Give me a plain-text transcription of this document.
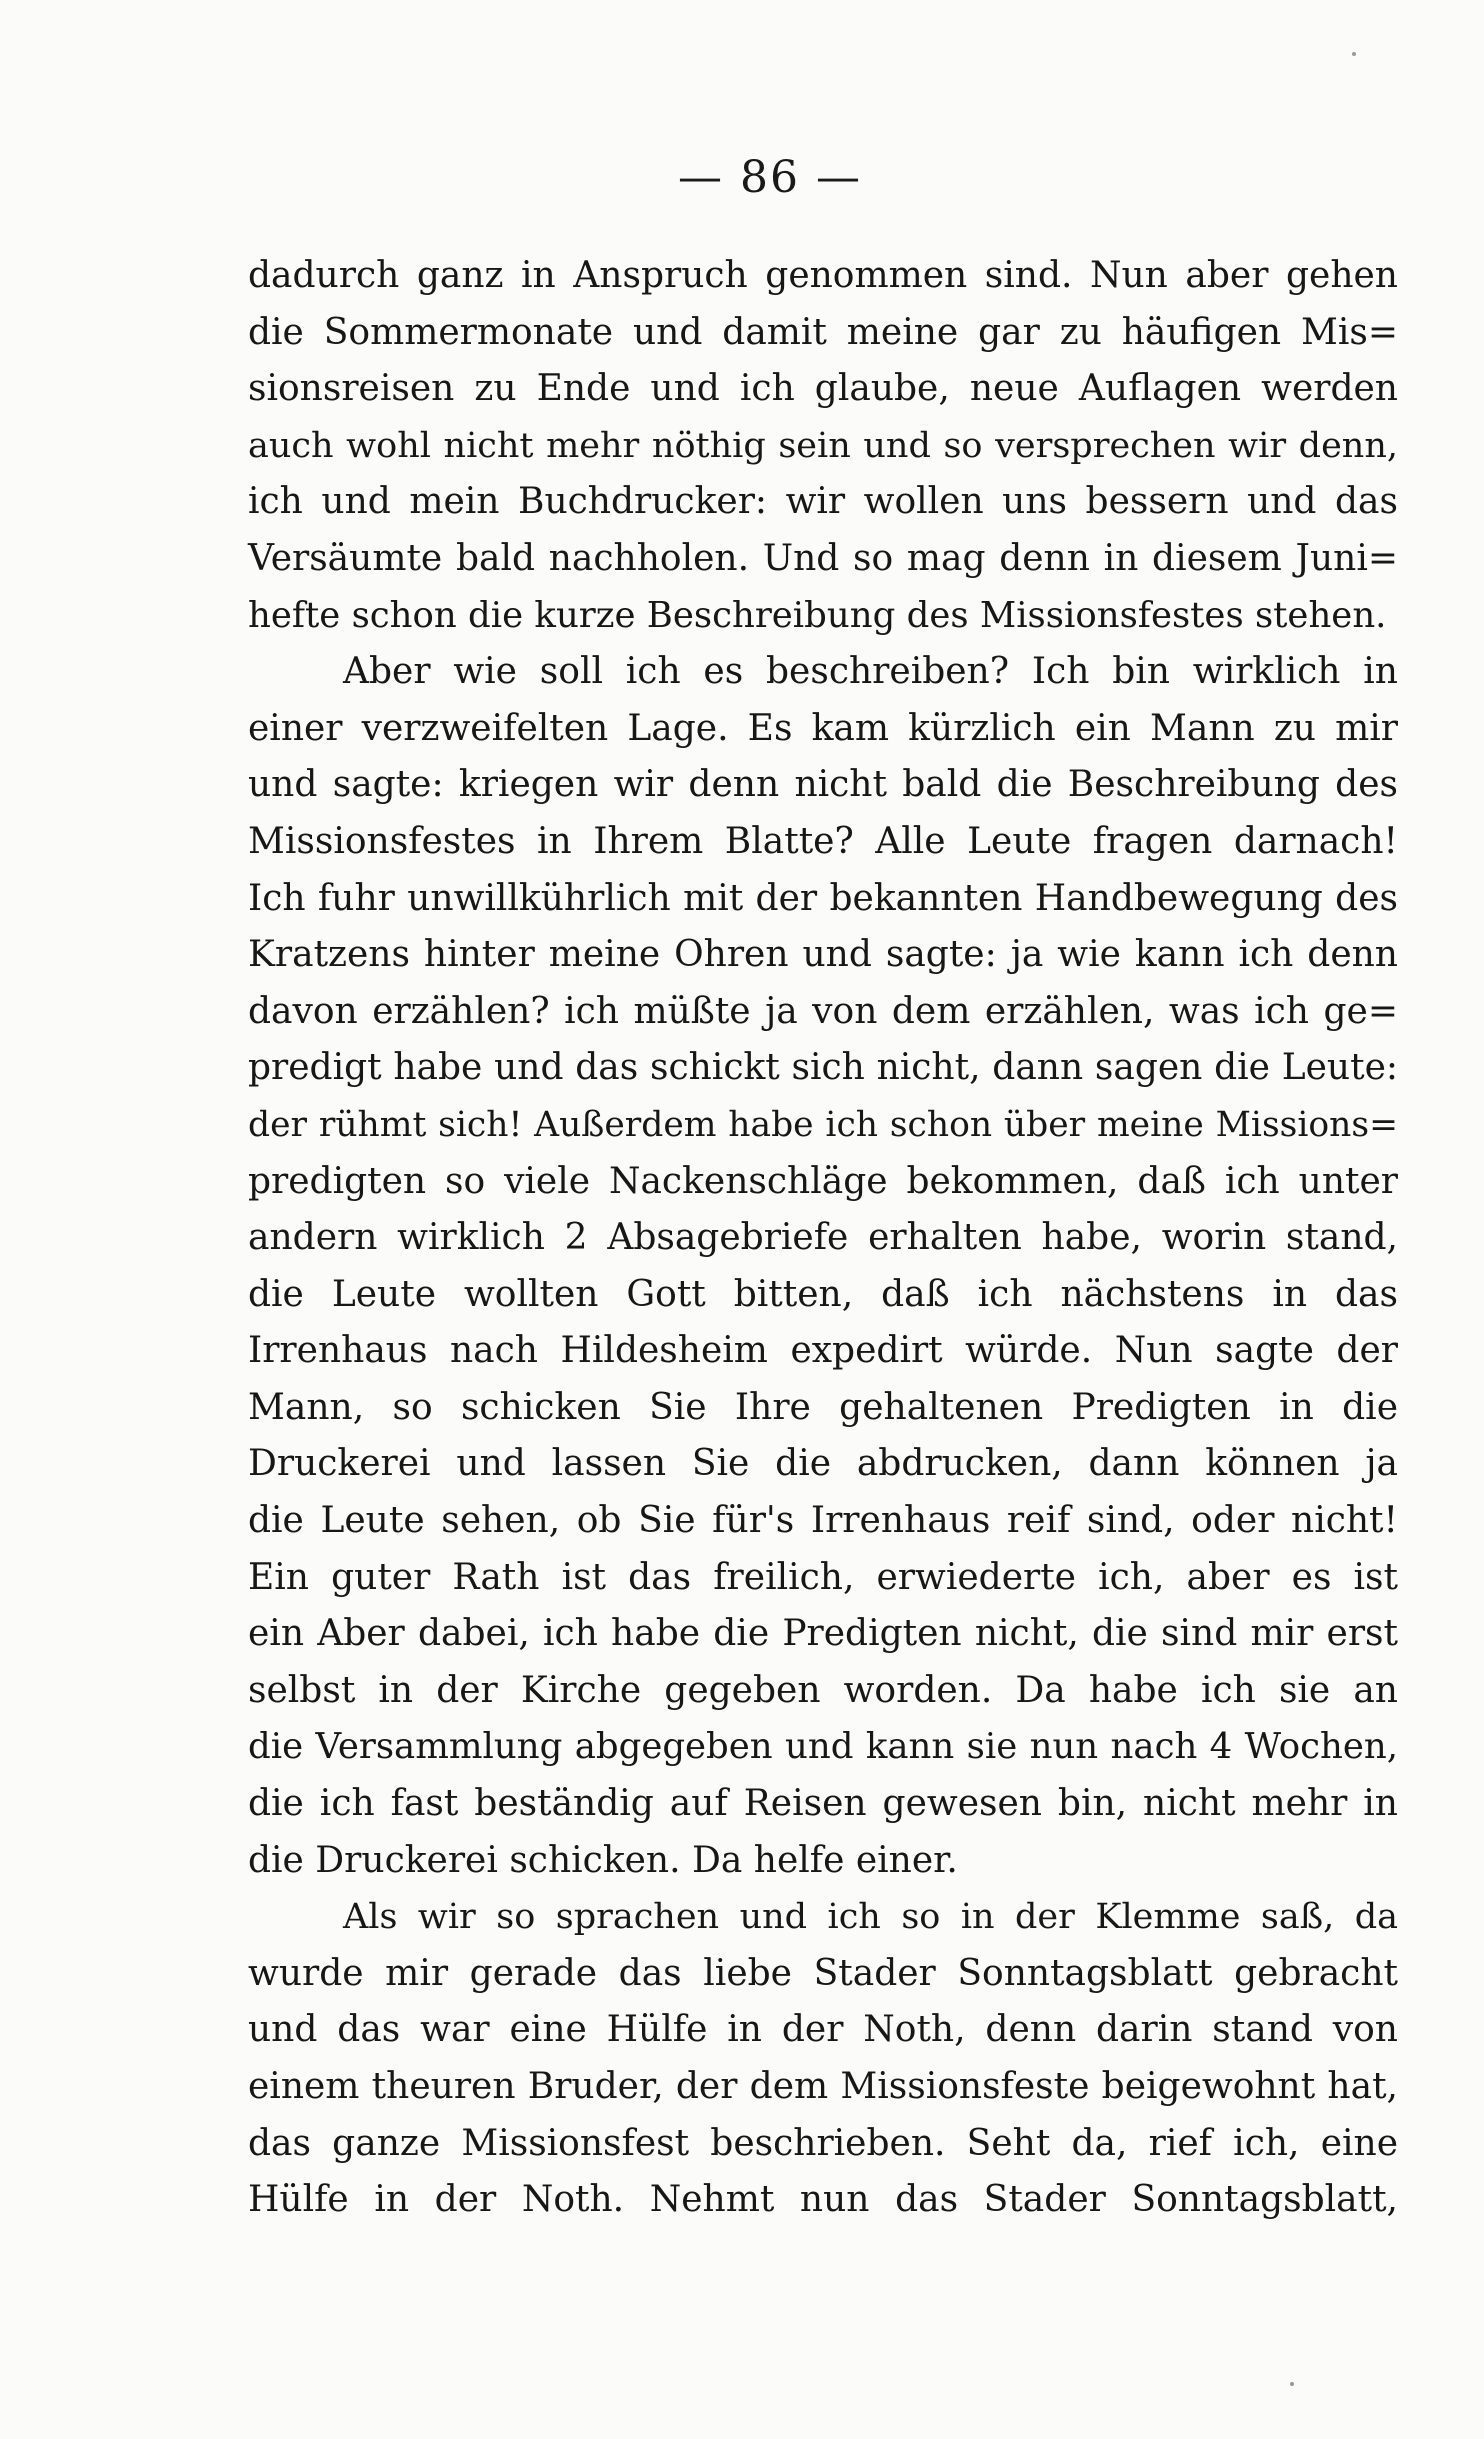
— 86 —
dadurch ganz in Anspruch genommen sind. Nun aber gehen
die Sommermonate und damit meine gar zu häufigen Mis=
sionsreisen zu Ende und ich glaube, neue Auflagen werden
auch wohl nicht mehr nöthig sein und so versprechen wir denn,
ich und mein Buchdrucker: wir wollen uns bessern und das
Versäumte bald nachholen. Und so mag denn in diesem Juni=
hefte schon die kurze Beschreibung des Missionsfestes stehen.
Aber wie soll ich es beschreiben? Ich bin wirklich in
einer verzweifelten Lage. Es kam kürzlich ein Mann zu mir
und sagte: kriegen wir denn nicht bald die Beschreibung des
Missionsfestes in Ihrem Blatte? Alle Leute fragen darnach!
Ich fuhr unwillkührlich mit der bekannten Handbewegung des
Kratzens hinter meine Ohren und sagte: ja wie kann ich denn
davon erzählen? ich müßte ja von dem erzählen, was ich ge=
predigt habe und das schickt sich nicht, dann sagen die Leute:
der rühmt sich! Außerdem habe ich schon über meine Missions=
predigten so viele Nackenschläge bekommen, daß ich unter
andern wirklich 2 Absagebriefe erhalten habe, worin stand,
die Leute wollten Gott bitten, daß ich nächstens in das
Irrenhaus nach Hildesheim expedirt würde. Nun sagte der
Mann, so schicken Sie Ihre gehaltenen Predigten in die
Druckerei und lassen Sie die abdrucken, dann können ja
die Leute sehen, ob Sie für's Irrenhaus reif sind, oder nicht!
Ein guter Rath ist das freilich, erwiederte ich, aber es ist
ein Aber dabei, ich habe die Predigten nicht, die sind mir erst
selbst in der Kirche gegeben worden. Da habe ich sie an
die Versammlung abgegeben und kann sie nun nach 4 Wochen,
die ich fast beständig auf Reisen gewesen bin, nicht mehr in
die Druckerei schicken. Da helfe einer.
Als wir so sprachen und ich so in der Klemme saß, da
wurde mir gerade das liebe Stader Sonntagsblatt gebracht
und das war eine Hülfe in der Noth, denn darin stand von
einem theuren Bruder, der dem Missionsfeste beigewohnt hat,
das ganze Missionsfest beschrieben. Seht da, rief ich, eine
Hülfe in der Noth. Nehmt nun das Stader Sonntagsblatt,
